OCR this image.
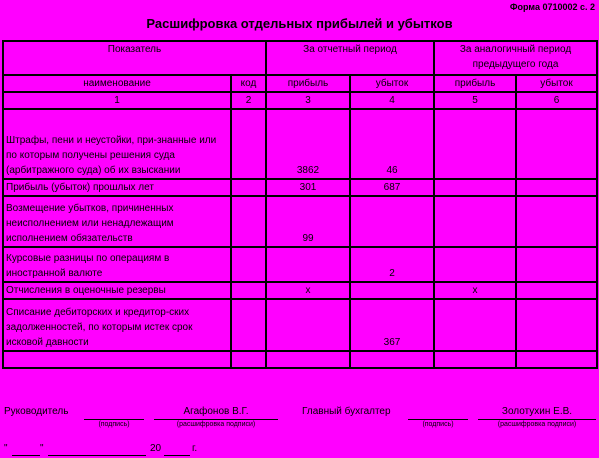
Форма 0710002 с. 2
Расшифровка отдельных прибылей и убытков
Показатель		За отчетный период		За аналогичный период предыдущего года	
наименование	код	прибыль	убыток	прибыль	убыток
1	2	3	4	5	6
Штрафы, пени и неустойки, при-знанные или по которым получены решения суда (арбитражного суда) об их взыскании		3862	46		
Прибыль (убыток) прошлых лет		301	687		
Возмещение убытков, причиненных неисполнением или ненадлежащим исполнением обязательств		99			
Курсовые разницы по операциям в иностранной валюте			2		
Отчисления в оценочные резервы		x		x	
Списание дебиторских и кредитор-ских задолженностей, по которым истек срок исковой давности			367		

Руководитель
(подпись)
Агафонов В.Г.
(расшифровка подписи)
Главный бухгалтер
(подпись)
Золотухин Е.В.
(расшифровка подписи)
"	"	20	г.
